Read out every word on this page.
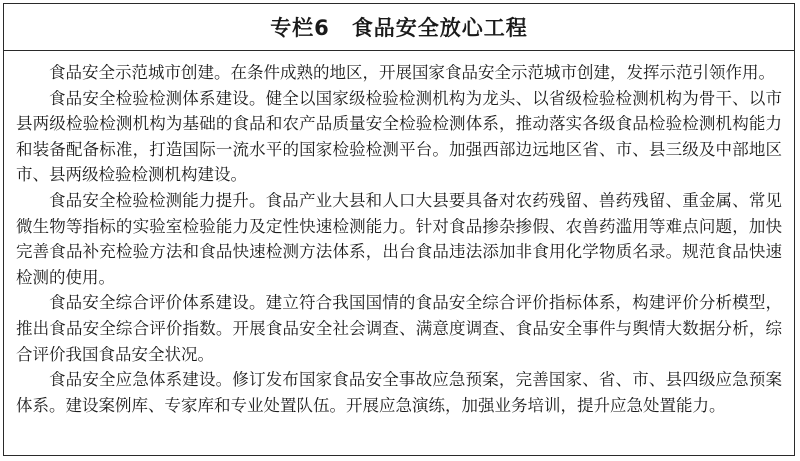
专栏6 食品安全放心工程

食品安全示范城市创建。在条件成熟的地区，开展国家食品安全示范城市创建，发挥示范引领作用。

食品安全检验检测体系建设。健全以国家级检验检测机构为龙头、以省级检验检测机构为骨干、以市县两级检验检测机构为基础的食品和农产品质量安全检验检测体系，推动落实各级食品检验检测机构能力和装备配备标准，打造国际一流水平的国家检验检测平台。加强西部边远地区省、市、县三级及中部地区市、县两级检验检测机构建设。

食品安全检验检测能力提升。食品产业大县和人口大县要具备对农药残留、兽药残留、重金属、常见微生物等指标的实验室检验能力及定性快速检测能力。针对食品掺杂掺假、农兽药滥用等难点问题，加快完善食品补充检验方法和食品快速检测方法体系，出台食品违法添加非食用化学物质名录。规范食品快速检测的使用。

食品安全综合评价体系建设。建立符合我国国情的食品安全综合评价指标体系，构建评价分析模型，推出食品安全综合评价指数。开展食品安全社会调查、满意度调查、食品安全事件与舆情大数据分析，综合评价我国食品安全状况。

食品安全应急体系建设。修订发布国家食品安全事故应急预案，完善国家、省、市、县四级应急预案体系。建设案例库、专家库和专业处置队伍。开展应急演练，加强业务培训，提升应急处置能力。
